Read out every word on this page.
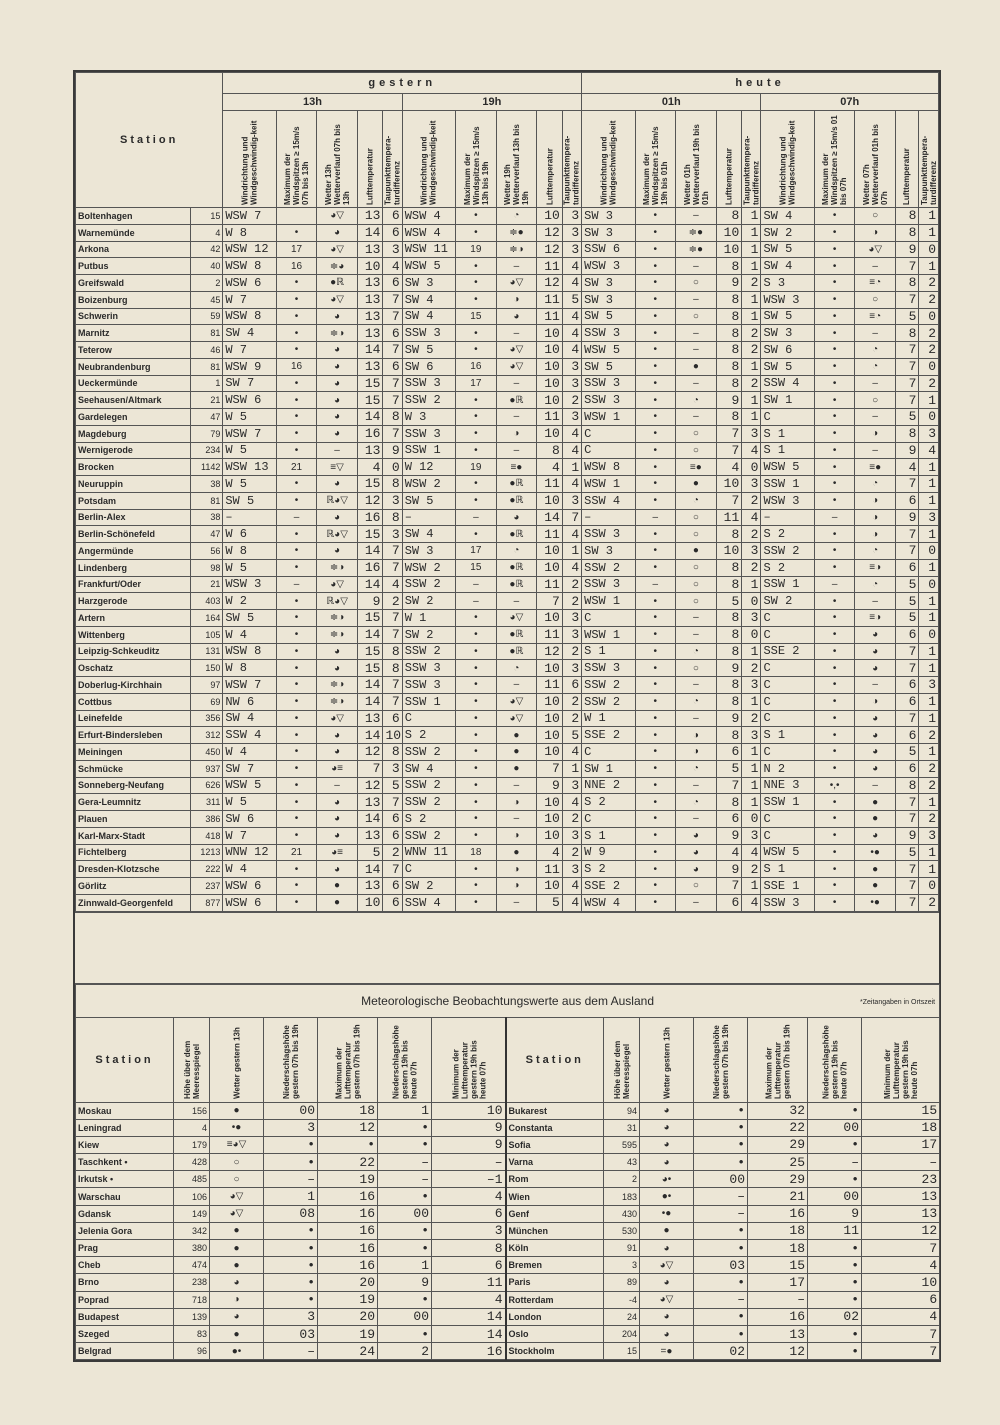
Station		gestern										heute									
		13h					19h					01h					07h				
		Windrichtung und Windgeschwindig-keit	Maximum der Windspitzen ≥ 15m/s 07h bis 13h	Wetter 13h Wetterverlauf 07h bis 13h	Lufttemperatur	Taupunkttempera-turdifferenz	Windrichtung und Windgeschwindig-keit	Maximum der Windspitzen ≥ 15m/s 13h bis 19h	Wetter 19h Wetterverlauf 13h bis 19h	Lufttemperatur	Taupunkttempera-turdifferenz	Windrichtung und Windgeschwindig-keit	Maximum der Windspitzen ≥ 15m/s 19h bis 01h	Wetter 01h Wetterverlauf 19h bis 01h	Lufttemperatur	Taupunkttempera-turdifferenz	Windrichtung und Windgeschwindig-keit	Maximum der Windspitzen ≥ 15m/s 01 bis 07h	Wetter 07h Wetterverlauf 01h bis 07h	Lufttemperatur	Taupunkttempera-turdifferenz
Boltenhagen	15	WSW 7		◕▽	13	6	WSW 4	•	◔	10	3	SW 3	•	–	8	1	SW 4	•	○	8	1
Warnemünde	4	W 8	•	◕	14	6	WSW 4	•	≑●	12	3	SW 3	•	≑●	10	1	SW 2	•	◑	8	1
Arkona	42	WSW 12	17	◕▽	13	3	WSW 11	19	≑◑	12	3	SSW 6	•	≑●	10	1	SW 5	•	◕▽	9	0
Putbus	40	WSW 8	16	≑◕	10	4	WSW 5	•	–	11	4	WSW 3	•	–	8	1	SW 4	•	–	7	1
Greifswald	2	WSW 6	•	●ℝ	13	6	SW 3	•	◕▽	12	4	SW 3	•	○	9	2	S 3	•	≡◔	8	2
Boizenburg	45	W 7	•	◕▽	13	7	SW 4	•	◑	11	5	SW 3	•	–	8	1	WSW 3	•	○	7	2
Schwerin	59	WSW 8	•	◕	13	7	SW 4	15	◕	11	4	SW 5	•	○	8	1	SW 5	•	≡◔	5	0
Marnitz	81	SW 4	•	≑◑	13	6	SSW 3	•	–	10	4	SSW 3	•	–	8	2	SW 3	•	–	8	2
Teterow	46	W 7	•	◕	14	7	SW 5	•	◕▽	10	4	WSW 5	•	–	8	2	SW 6	•	◔	7	2
Neubrandenburg	81	WSW 9	16	◕	13	6	SW 6	16	◕▽	10	3	SW 5	•	●	8	1	SW 5	•	◔	7	0
Ueckermünde	1	SW 7	•	◕	15	7	SSW 3	17	–	10	3	SSW 3	•	–	8	2	SSW 4	•	–	7	2
Seehausen/Altmark	21	WSW 6	•	◕	15	7	SSW 2	•	●ℝ	10	2	SSW 3	•	◔	9	1	SW 1	•	○	7	1
Gardelegen	47	W 5	•	◕	14	8	W 3	•	–	11	3	WSW 1	•	–	8	1	C	•	–	5	0
Magdeburg	79	WSW 7	•	◕	16	7	SSW 3	•	◑	10	4	C	•	○	7	3	S 1	•	◑	8	3
Wernigerode	234	W 5	•	–	13	9	SSW 1	•	–	8	4	C	•	○	7	4	S 1	•	–	9	4
Brocken	1142	WSW 13	21	≡▽	4	0	W 12	19	≡●	4	1	WSW 8	•	≡●	4	0	WSW 5	•	≡●	4	1
Neuruppin	38	W 5	•	◕	15	8	WSW 2	•	●ℝ	11	4	WSW 1	•	●	10	3	SSW 1	•	◔	7	1
Potsdam	81	SW 5	•	ℝ◕▽	12	3	SW 5	•	●ℝ	10	3	SSW 4	•	◔	7	2	WSW 3	•	◑	6	1
Berlin-Alex	38	–	–	◕	16	8	–	–	◕	14	7	–	–	○	11	4	–	–	◑	9	3
Berlin-Schönefeld	47	W 6	•	ℝ◕▽	15	3	SW 4	•	●ℝ	11	4	SSW 3	•	○	8	2	S 2	•	◑	7	1
Angermünde	56	W 8	•	◕	14	7	SW 3	17	◔	10	1	SW 3	•	●	10	3	SSW 2	•	◔	7	0
Lindenberg	98	W 5	•	≑◑	16	7	WSW 2	15	●ℝ	10	4	SSW 2	•	○	8	2	S 2	•	≡◑	6	1
Frankfurt/Oder	21	WSW 3	–	◕▽	14	4	SSW 2	–	●ℝ	11	2	SSW 3	–	○	8	1	SSW 1	–	◔	5	0
Harzgerode	403	W 2	•	ℝ◕▽	9	2	SW 2	–	–	7	2	WSW 1	•	○	5	0	SW 2	•	–	5	1
Artern	164	SW 5	•	≑◑	15	7	W 1	•	◕▽	10	3	C	•	–	8	3	C	•	≡◑	5	1
Wittenberg	105	W 4	•	≑◑	14	7	SW 2	•	●ℝ	11	3	WSW 1	•	–	8	0	C	•	◕	6	0
Leipzig-Schkeuditz	131	WSW 8	•	◕	15	8	SSW 2	•	●ℝ	12	2	S 1	•	◔	8	1	SSE 2	•	◕	7	1
Oschatz	150	W 8	•	◕	15	8	SSW 3	•	◔	10	3	SSW 3	•	○	9	2	C	•	◕	7	1
Doberlug-Kirchhain	97	WSW 7	•	≑◑	14	7	SSW 3	•	–	11	6	SSW 2	•	–	8	3	C	•	–	6	3
Cottbus	69	NW 6	•	≑◑	14	7	SSW 1	•	◕▽	10	2	SSW 2	•	◔	8	1	C	•	◑	6	1
Leinefelde	356	SW 4	•	◕▽	13	6	C	•	◕▽	10	2	W 1	•	–	9	2	C	•	◕	7	1
Erfurt-Bindersleben	312	SSW 4	•	◕	14	10	S 2	•	●	10	5	SSE 2	•	◑	8	3	S 1	•	◕	6	2
Meiningen	450	W 4	•	◕	12	8	SSW 2	•	●	10	4	C	•	◑	6	1	C	•	◕	5	1
Schmücke	937	SW 7	•	◕≡	7	3	SW 4	•	●	7	1	SW 1	•	◔	5	1	N 2	•	◕	6	2
Sonneberg-Neufang	626	WSW 5	•	–	12	5	SSW 2	•	–	9	3	NNE 2	•	–	7	1	NNE 3	•,•	–	8	2
Gera-Leumnitz	311	W 5	•	◕	13	7	SSW 2	•	◑	10	4	S 2	•	◔	8	1	SSW 1	•	●	7	1
Plauen	386	SW 6	•	◕	14	6	S 2	•	–	10	2	C	•	–	6	0	C	•	●	7	2
Karl-Marx-Stadt	418	W 7	•	◕	13	6	SSW 2	•	◑	10	3	S 1	•	◕	9	3	C	•	◕	9	3
Fichtelberg	1213	WNW 12	21	◕≡	5	2	WNW 11	18	●	4	2	W 9	•	◕	4	4	WSW 5	•	•●	5	1
Dresden-Klotzsche	222	W 4	•	◕	14	7	C	•	◑	11	3	S 2	•	◕	9	2	S 1	•	●	7	1
Görlitz	237	WSW 6	•	●	13	6	SW 2	•	◑	10	4	SSE 2	•	○	7	1	SSE 1	•	●	7	0
Zinnwald-Georgenfeld	877	WSW 6	•	●	10	6	SSW 4	•	–	5	4	WSW 4	•	–	6	4	SSW 3	•	•●	7	2
Meteorologische Beobachtungswerte aus dem Ausland *Zeitangaben in Ortszeit													

Station	Höhe über dem Meeresspiegel	Wetter gestern 13h	Niederschlagshöhe gestern 07h bis 19h	Maximum der Lufttemperatur gestern 07h bis 19h	Niederschlagshöhe gestern 19h bis heute 07h	Minimum der Lufttemperatur gestern 19h bis heute 07h	Station	Höhe über dem Meeresspiegel	Wetter gestern 13h	Niederschlagshöhe gestern 07h bis 19h	Maximum der Lufttemperatur gestern 07h bis 19h	Niederschlagshöhe gestern 19h bis heute 07h	Minimum der Lufttemperatur gestern 19h bis heute 07h
Moskau	156	●	00	18	1	10	Bukarest	94	◕	•	32	•	15
Leningrad	4	•●	3	12	•	9	Constanta	31	◕	•	22	00	18
Kiew	179	≡◕▽	•	•	•	9	Sofia	595	◕	•	29	•	17
Taschkent •	428	○	•	22	–	–	Varna	43	◕	•	25	–	–
Irkutsk •	485	○	–	19	–	–1	Rom	2	◕•	00	29	•	23
Warschau	106	◕▽	1	16	•	4	Wien	183	●•	–	21	00	13
Gdansk	149	◕▽	08	16	00	6	Genf	430	•●	–	16	9	13
Jelenia Gora	342	●	•	16	•	3	München	530	●	•	18	11	12
Prag	380	●	•	16	•	8	Köln	91	◕	•	18	•	7
Cheb	474	●	•	16	1	6	Bremen	3	◕▽	03	15	•	4
Brno	238	◕	•	20	9	11	Paris	89	◕	•	17	•	10
Poprad	718	◑	•	19	•	4	Rotterdam	-4	◕▽	–	–	•	6
Budapest	139	◕	3	20	00	14	London	24	◕	•	16	02	4
Szeged	83	●	03	19	•	14	Oslo	204	◕	•	13	•	7
Belgrad	96	●•	–	24	2	16	Stockholm	15	=●	02	12	•	7
